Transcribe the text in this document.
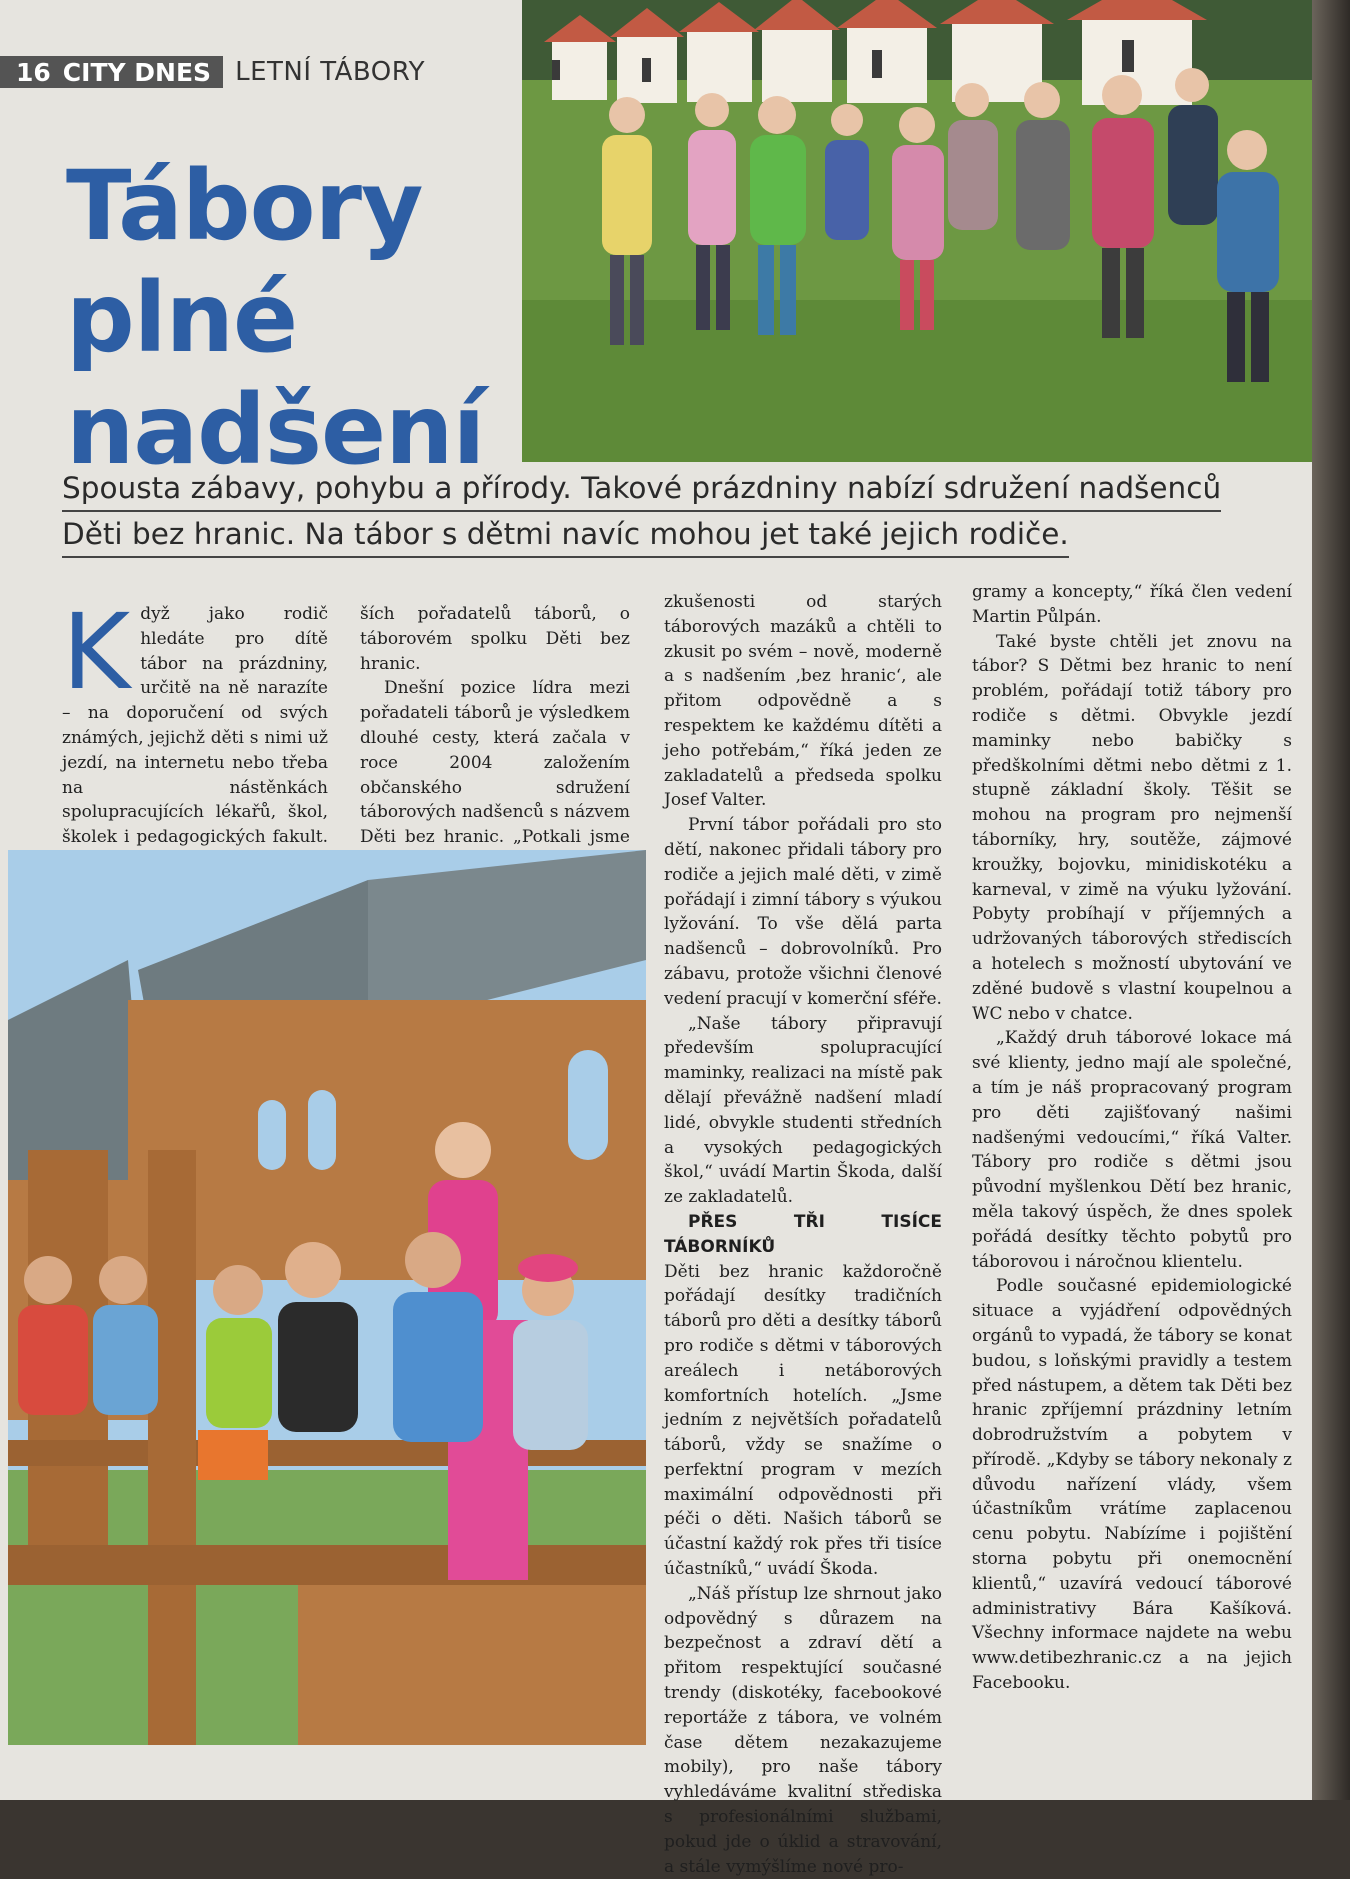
16 CITY DNES LETNÍ TÁBORY
Tábory
plné
nadšení
Spousta zábavy, pohybu a přírody. Takové prázdniny nabízí sdružení nadšenců
Děti bez hranic. Na tábor s dětmi navíc mohou jet také jejich rodiče.

Když jako rodič hledáte pro dítě tábor na prázdniny, určitě na ně narazíte – na doporučení od svých známých, jejichž děti s nimi už jezdí, na internetu nebo třeba na nástěnkách spolupracujících lékařů, škol, školek i pedagogických fakult.

ších pořadatelů táborů, o táborovém spolku Děti bez hranic.

Dnešní pozice lídra mezi pořadateli táborů je výsledkem dlouhé cesty, která začala v roce 2004 založením občanského sdružení táborových nadšenců s názvem Děti bez hranic. „Potkali jsme

zkušenosti od starých táborových mazáků a chtěli to zkusit po svém – nově, moderně a s nadšením ‚bez hranic‘, ale přitom odpovědně a s respektem ke každému dítěti a jeho potřebám,“ říká jeden ze zakladatelů a předseda spolku Josef Valter.

První tábor pořádali pro sto dětí, nakonec přidali tábory pro rodiče a jejich malé děti, v zimě pořádají i zimní tábory s výukou lyžování. To vše dělá parta nadšenců – dobrovolníků. Pro zábavu, protože všichni členové vedení pracují v komerční sféře.

„Naše tábory připravují především spolupracující maminky, realizaci na místě pak dělají převážně nadšení mladí lidé, obvykle studenti středních a vysokých pedagogických škol,“ uvádí Martin Škoda, další ze zakladatelů.

PŘES TŘI TISÍCE TÁBORNÍKŮ

Děti bez hranic každoročně pořádají desítky tradičních táborů pro děti a desítky táborů pro rodiče s dětmi v táborových areálech i netáborových komfortních hotelích. „Jsme jedním z největších pořadatelů táborů, vždy se snažíme o perfektní program v mezích maximální odpovědnosti při péči o děti. Našich táborů se účastní každý rok přes tři tisíce účastníků,“ uvádí Škoda.

„Náš přístup lze shrnout jako odpovědný s důrazem na bezpečnost a zdraví dětí a přitom respektující současné trendy (diskotéky, facebookové reportáže z tábora, ve volném čase dětem nezakazujeme mobily), pro naše tábory vyhledáváme kvalitní střediska s profesionálními službami, pokud jde o úklid a stravování, a stále vymýšlíme nové pro-

gramy a koncepty,“ říká člen vedení Martin Půlpán.

Také byste chtěli jet znovu na tábor? S Dětmi bez hranic to není problém, pořádají totiž tábory pro rodiče s dětmi. Obvykle jezdí maminky nebo babičky s předškolními dětmi nebo dětmi z 1. stupně základní školy. Těšit se mohou na program pro nejmenší táborníky, hry, soutěže, zájmové kroužky, bojovku, minidiskotéku a karneval, v zimě na výuku lyžování. Pobyty probíhají v příjemných a udržovaných táborových střediscích a hotelech s možností ubytování ve zděné budově s vlastní koupelnou a WC nebo v chatce.

„Každý druh táborové lokace má své klienty, jedno mají ale společné, a tím je náš propracovaný program pro děti zajišťovaný našimi nadšenými vedoucími,“ říká Valter. Tábory pro rodiče s dětmi jsou původní myšlenkou Dětí bez hranic, měla takový úspěch, že dnes spolek pořádá desítky těchto pobytů pro táborovou i náročnou klientelu.

Podle současné epidemiologické situace a vyjádření odpovědných orgánů to vypadá, že tábory se konat budou, s loňskými pravidly a testem před nástupem, a dětem tak Děti bez hranic zpříjemní prázdniny letním dobrodružstvím a pobytem v přírodě. „Kdyby se tábory nekonaly z důvodu nařízení vlády, všem účastníkům vrátíme zaplacenou cenu pobytu. Nabízíme i pojištění storna pobytu při onemocnění klientů,“ uzavírá vedoucí táborové administrativy Bára Kašíková. Všechny informace najdete na webu www.detibezhranic.cz a na jejich Facebooku.
